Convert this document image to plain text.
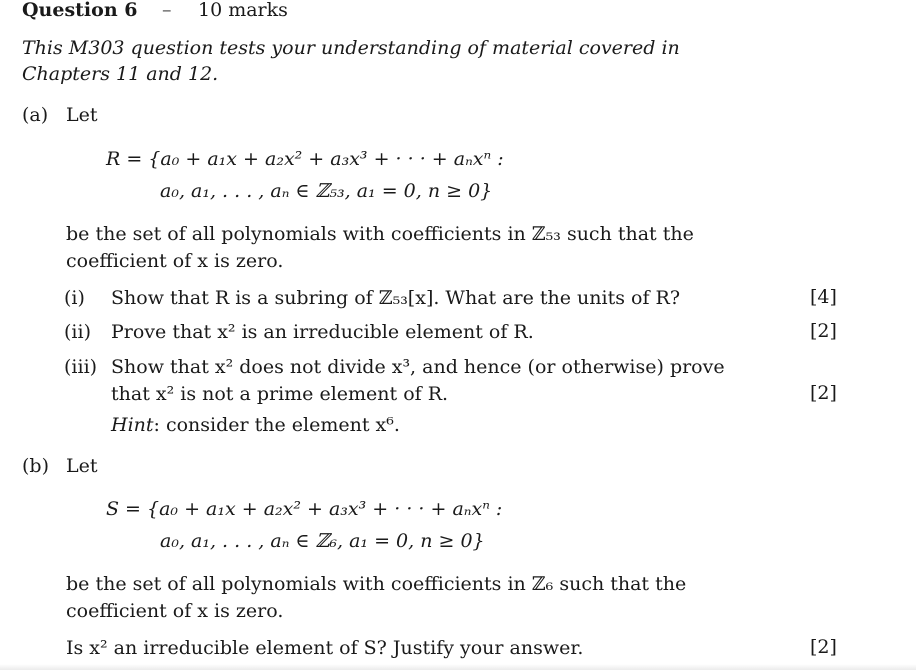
Question 6 – 10 marks
This M303 question tests your understanding of material covered in
Chapters 11 and 12.
(a) Let
R = {a₀ + a₁x + a₂x² + a₃x³ + · · · + aₙxⁿ :
a₀, a₁, . . . , aₙ ∈ ℤ₅₃, a₁ = 0, n ≥ 0}
be the set of all polynomials with coefficients in ℤ₅₃ such that the
coefficient of x is zero.
(i) Show that R is a subring of ℤ₅₃[x]. What are the units of R?	[4]
(ii) Prove that x² is an irreducible element of R.	[2]
(iii) Show that x² does not divide x³, and hence (or otherwise) prove
that x² is not a prime element of R.	[2]
Hint: consider the element x⁶.
(b) Let
S = {a₀ + a₁x + a₂x² + a₃x³ + · · · + aₙxⁿ :
a₀, a₁, . . . , aₙ ∈ ℤ₆, a₁ = 0, n ≥ 0}
be the set of all polynomials with coefficients in ℤ₆ such that the
coefficient of x is zero.
Is x² an irreducible element of S? Justify your answer.	[2]
